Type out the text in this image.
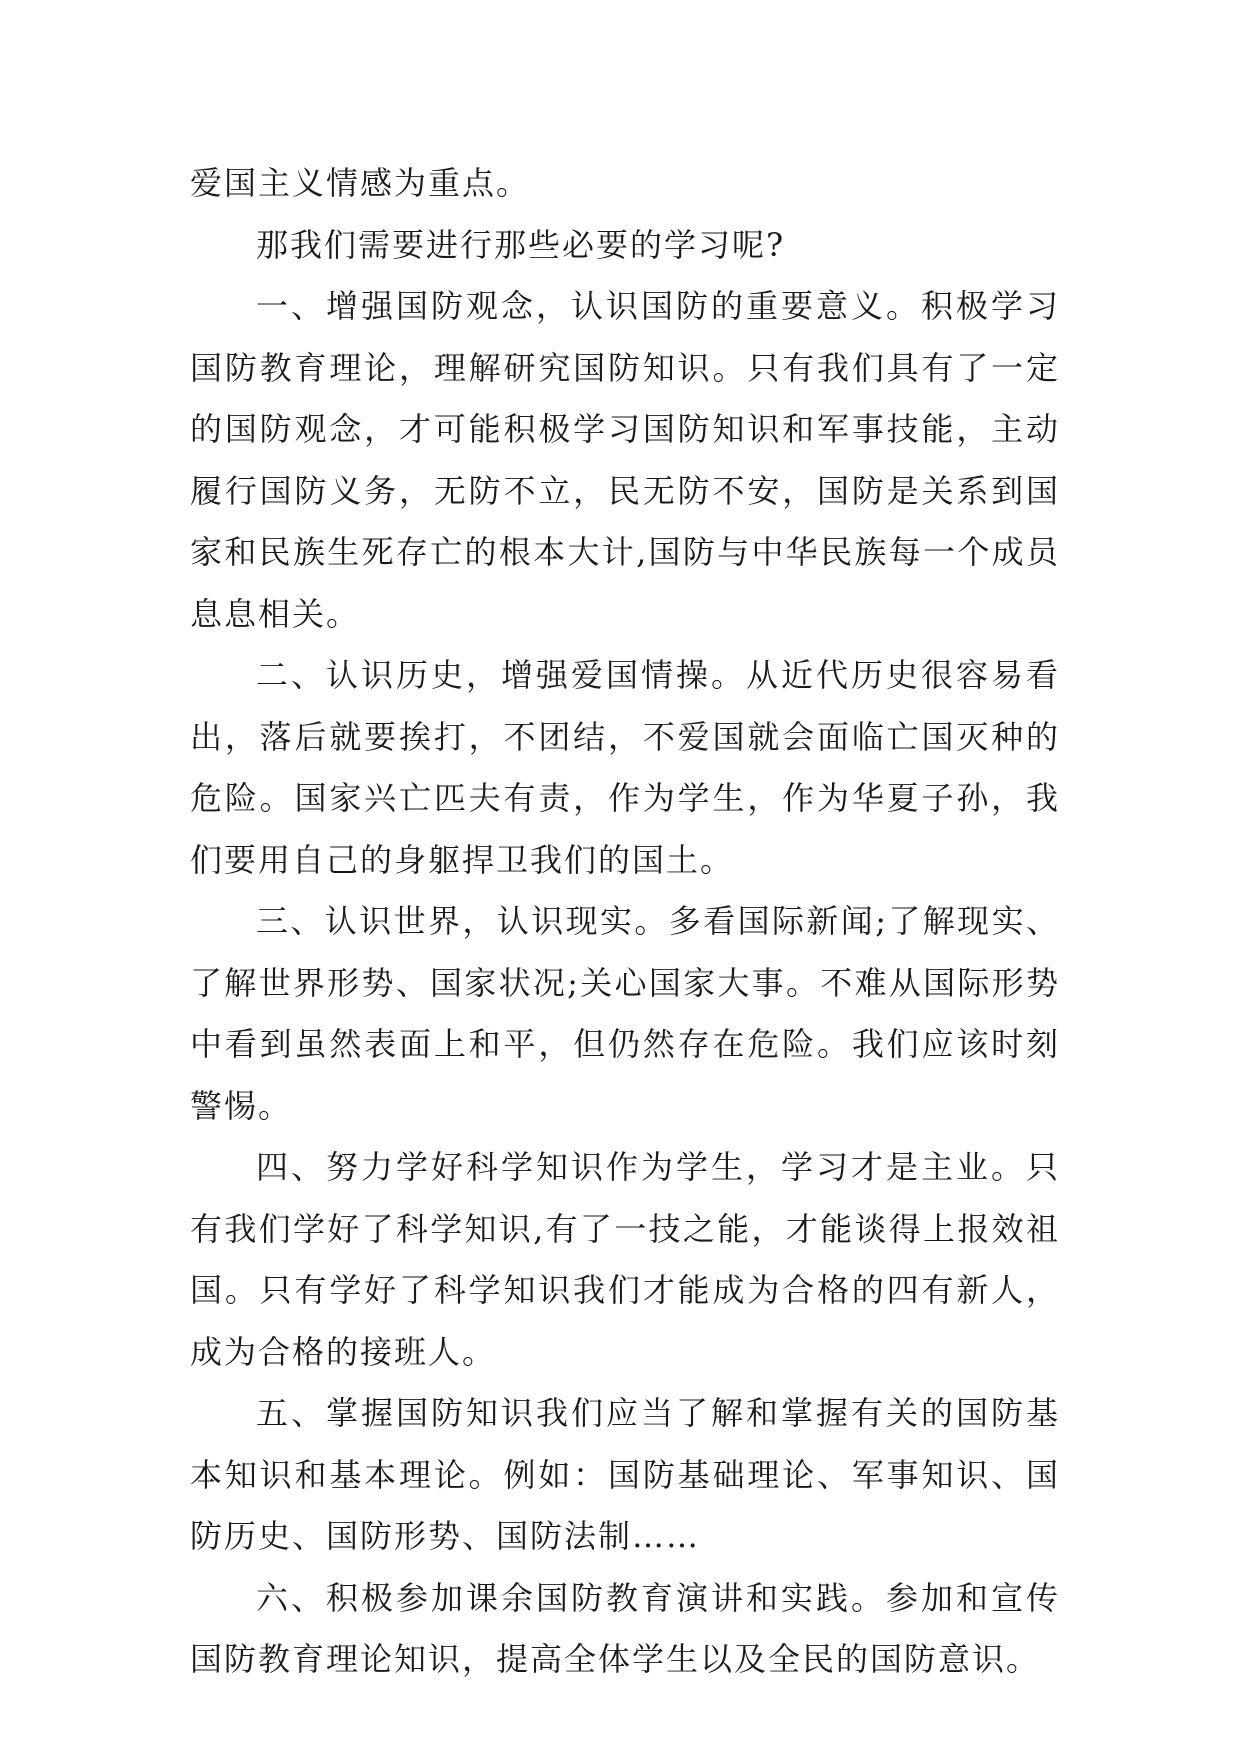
爱国主义情感为重点。

那我们需要进行那些必要的学习呢?

一、增强国防观念，认识国防的重要意义。积极学习国防教育理论，理解研究国防知识。只有我们具有了一定的国防观念，才可能积极学习国防知识和军事技能，主动履行国防义务，无防不立，民无防不安，国防是关系到国家和民族生死存亡的根本大计,国防与中华民族每一个成员息息相关。

二、认识历史，增强爱国情操。从近代历史很容易看出，落后就要挨打，不团结，不爱国就会面临亡国灭种的危险。国家兴亡匹夫有责，作为学生，作为华夏子孙，我们要用自己的身躯捍卫我们的国土。

三、认识世界，认识现实。多看国际新闻;了解现实、了解世界形势、国家状况;关心国家大事。不难从国际形势中看到虽然表面上和平，但仍然存在危险。我们应该时刻警惕。

四、努力学好科学知识作为学生，学习才是主业。只有我们学好了科学知识,有了一技之能，才能谈得上报效祖国。只有学好了科学知识我们才能成为合格的四有新人，成为合格的接班人。

五、掌握国防知识我们应当了解和掌握有关的国防基本知识和基本理论。例如：国防基础理论、军事知识、国防历史、国防形势、国防法制……

六、积极参加课余国防教育演讲和实践。参加和宣传国防教育理论知识，提高全体学生以及全民的国防意识。
